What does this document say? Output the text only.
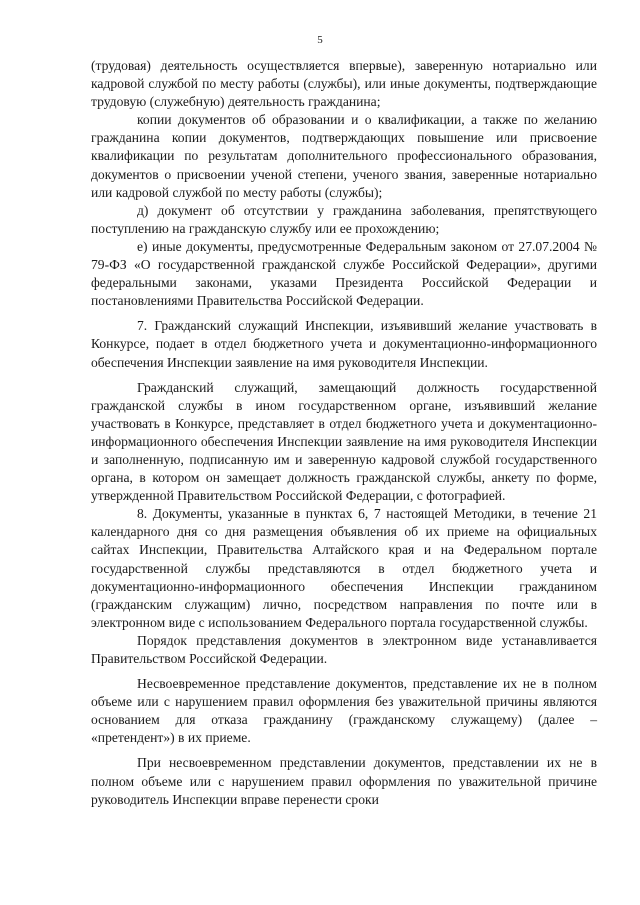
5

(трудовая) деятельность осуществляется впервые), заверенную нотариально или кадровой службой по месту работы (службы), или иные документы, подтверждающие трудовую (служебную) деятельность гражданина;

копии документов об образовании и о квалификации, а также по желанию гражданина копии документов, подтверждающих повышение или присвоение квалификации по результатам дополнительного профессионального образования, документов о присвоении ученой степени, ученого звания, заверенные нотариально или кадровой службой по месту работы (службы);

д) документ об отсутствии у гражданина заболевания, препятствующего поступлению на гражданскую службу или ее прохождению;

е) иные документы, предусмотренные Федеральным законом от 27.07.2004 № 79-ФЗ «О государственной гражданской службе Российской Федерации», другими федеральными законами, указами Президента Российской Федерации и постановлениями Правительства Российской Федерации.

7. Гражданский служащий Инспекции, изъявивший желание участвовать в Конкурсе, подает в отдел бюджетного учета и документационно-информационного обеспечения Инспекции заявление на имя руководителя Инспекции.

Гражданский служащий, замещающий должность государственной гражданской службы в ином государственном органе, изъявивший желание участвовать в Конкурсе, представляет в отдел бюджетного учета и документационно-информационного обеспечения Инспекции заявление на имя руководителя Инспекции и заполненную, подписанную им и заверенную кадровой службой государственного органа, в котором он замещает должность гражданской службы, анкету по форме, утвержденной Правительством Российской Федерации, с фотографией.

8. Документы, указанные в пунктах 6, 7 настоящей Методики, в течение 21 календарного дня со дня размещения объявления об их приеме на официальных сайтах Инспекции, Правительства Алтайского края и на Федеральном портале государственной службы представляются в отдел бюджетного учета и документационно-информационного обеспечения Инспекции гражданином (гражданским служащим) лично, посредством направления по почте или в электронном виде с использованием Федерального портала государственной службы.

Порядок представления документов в электронном виде устанавливается Правительством Российской Федерации.

Несвоевременное представление документов, представление их не в полном объеме или с нарушением правил оформления без уважительной причины являются основанием для отказа гражданину (гражданскому служащему) (далее – «претендент») в их приеме.

При несвоевременном представлении документов, представлении их не в полном объеме или с нарушением правил оформления по уважительной причине руководитель Инспекции вправе перенести сроки
